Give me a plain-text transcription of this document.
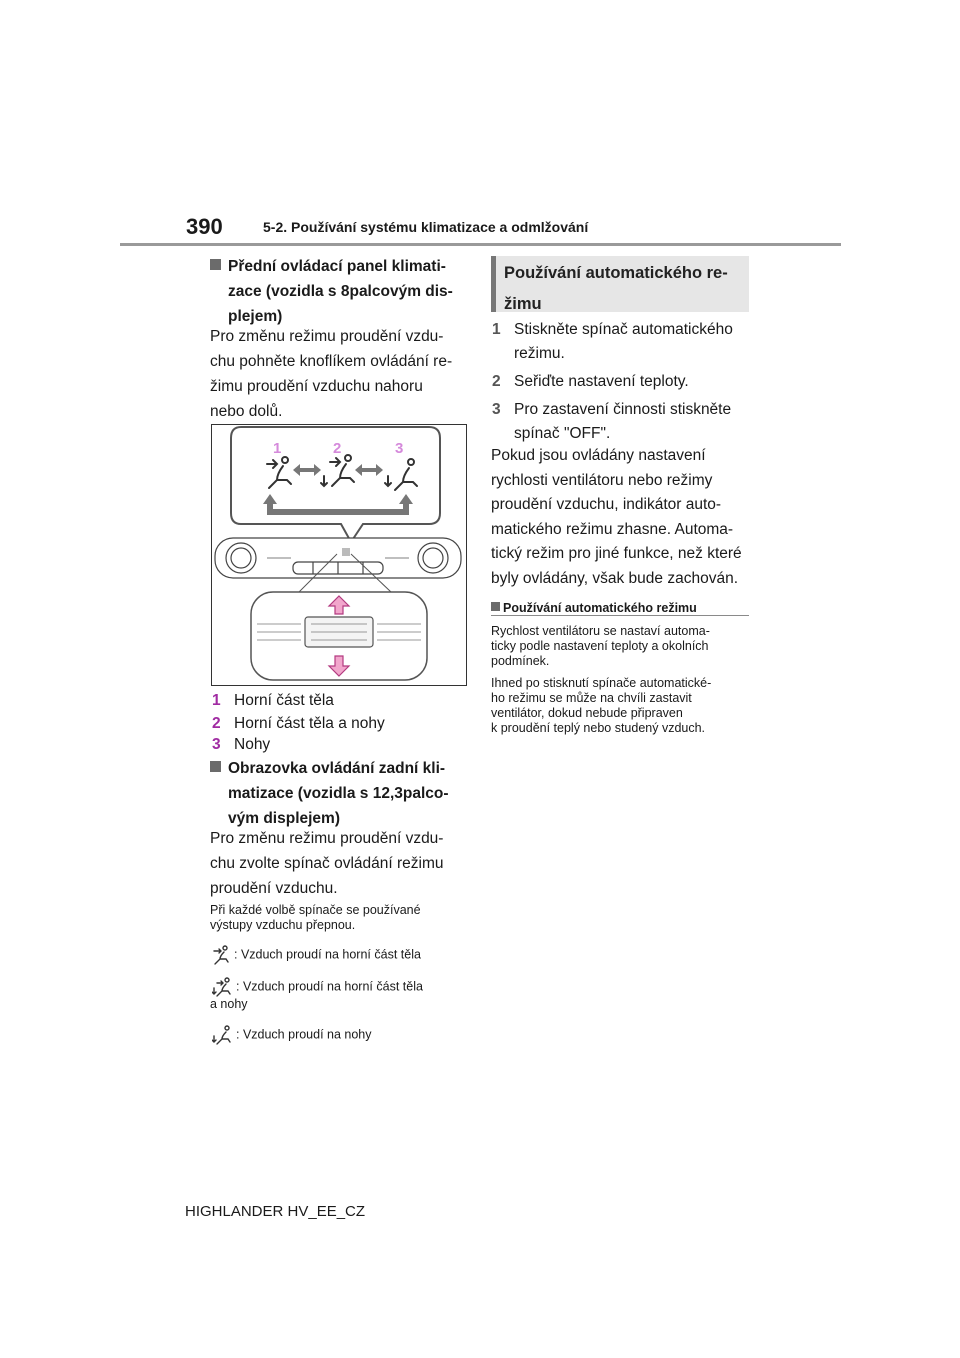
390	5-2. Používání systému klimatizace a odmlžování
Přední ovládací panel klimati-
zace (vozidla s 8palcovým dis-
plejem)
Pro změnu režimu proudění vzdu-
chu pohněte knoflíkem ovládání re-
žimu proudění vzduchu nahoru
nebo dolů.
1	2	3
1 Horní část těla
2 Horní část těla a nohy
3 Nohy
Obrazovka ovládání zadní kli-
matizace (vozidla s 12,3palco-
vým displejem)
Pro změnu režimu proudění vzdu-
chu zvolte spínač ovládání režimu
proudění vzduchu.
Při každé volbě spínače se používané
výstupy vzduchu přepnou.
: Vzduch proudí na horní část těla
: Vzduch proudí na horní část těla
a nohy
: Vzduch proudí na nohy
Používání automatického re-
žimu
1 Stiskněte spínač automatického
režimu.
2 Seřiďte nastavení teploty.
3 Pro zastavení činnosti stiskněte
spínač "OFF".
Pokud jsou ovládány nastavení
rychlosti ventilátoru nebo režimy
proudění vzduchu, indikátor auto-
matického režimu zhasne. Automa-
tický režim pro jiné funkce, než které
byly ovládány, však bude zachován.
Používání automatického režimu
Rychlost ventilátoru se nastaví automa-
ticky podle nastavení teploty a okolních
podmínek.
Ihned po stisknutí spínače automatické-
ho režimu se může na chvíli zastavit
ventilátor, dokud nebude připraven
k proudění teplý nebo studený vzduch.
HIGHLANDER HV_EE_CZ
